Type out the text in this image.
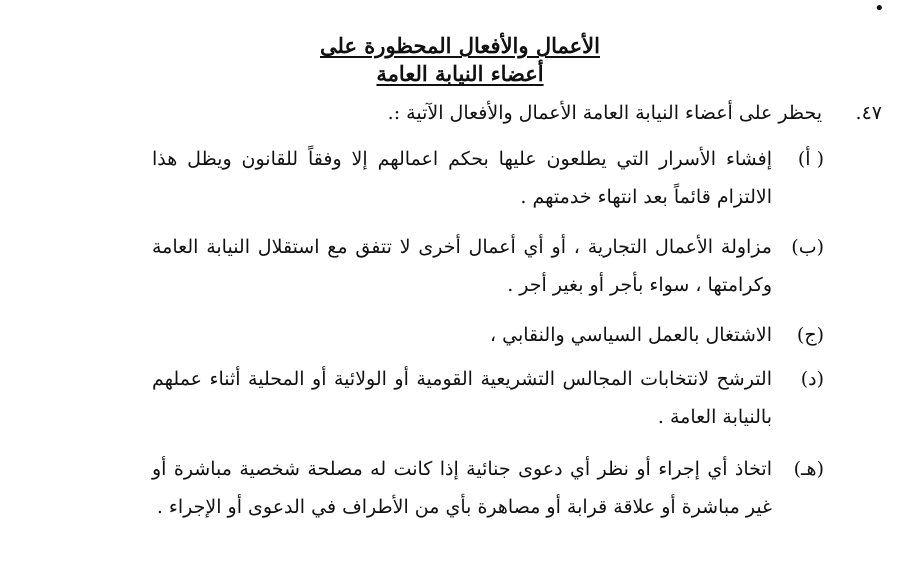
•
الأعمال والأفعال المحظورة على
أعضاء النيابة العامة
٤٧.
يحظر على أعضاء النيابة العامة الأعمال والأفعال الآتية :.
( أ)
إفشاء الأسرار التي يطلعون عليها بحكم اعمالهم إلا وفقاً للقانون ويظل هذا الالتزام قائماً بعد انتهاء خدمتهم .
(ب)
مزاولة الأعمال التجارية ، أو أي أعمال أخرى لا تتفق مع استقلال النيابة العامة وكرامتها ، سواء بأجر أو بغير أجر .
(ج)
الاشتغال بالعمل السياسي والنقابي ،
(د)
الترشح لانتخابات المجالس التشريعية القومية أو الولائية أو المحلية أثناء عملهم بالنيابة العامة .
(هـ)
اتخاذ أي إجراء أو نظر أي دعوى جنائية إذا كانت له مصلحة شخصية مباشرة أو غير مباشرة أو علاقة قرابة أو مصاهرة بأي من الأطراف في الدعوى أو الإجراء .
